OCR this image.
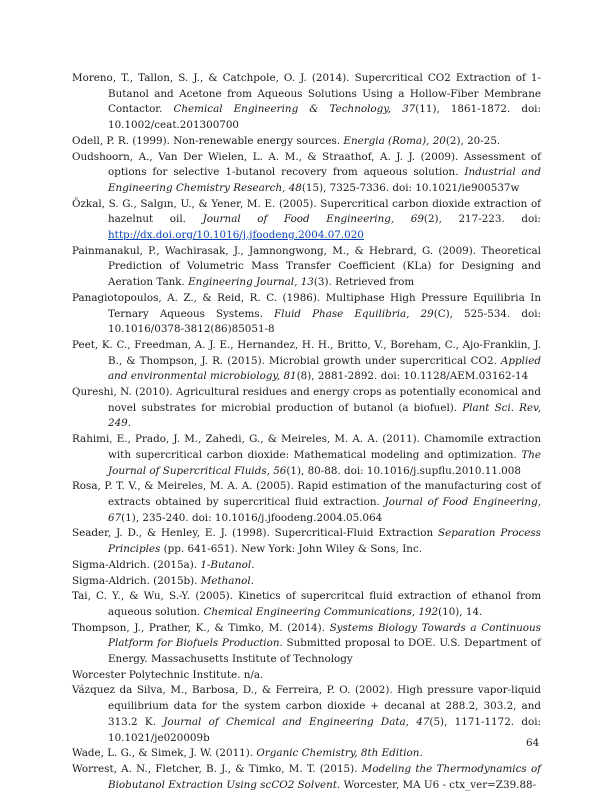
Moreno, T., Tallon, S. J., & Catchpole, O. J. (2014). Supercritical CO2 Extraction of 1‐Butanol and Acetone from Aqueous Solutions Using a Hollow‐Fiber Membrane Contactor. Chemical Engineering & Technology, 37(11), 1861-1872. doi: 10.1002/ceat.201300700

Odell, P. R. (1999). Non-renewable energy sources. Energia (Roma), 20(2), 20-25.

Oudshoorn, A., Van Der Wielen, L. A. M., & Straathof, A. J. J. (2009). Assessment of options for selective 1-butanol recovery from aqueous solution. Industrial and Engineering Chemistry Research, 48(15), 7325-7336. doi: 10.1021/ie900537w

Özkal, S. G., Salgın, U., & Yener, M. E. (2005). Supercritical carbon dioxide extraction of hazelnut oil. Journal of Food Engineering, 69(2), 217-223. doi: http://dx.doi.org/10.1016/j.jfoodeng.2004.07.020

Painmanakul, P., Wachirasak, J., Jamnongwong, M., & Hebrard, G. (2009). Theoretical Prediction of Volumetric Mass Transfer Coefficient (KLa) for Designing and Aeration Tank. Engineering Journal, 13(3). Retrieved from

Panagiotopoulos, A. Z., & Reid, R. C. (1986). Multiphase High Pressure Equilibria In Ternary Aqueous Systems. Fluid Phase Equilibria, 29(C), 525-534. doi: 10.1016/0378-3812(86)85051-8

Peet, K. C., Freedman, A. J. E., Hernandez, H. H., Britto, V., Boreham, C., Ajo-Franklin, J. B., & Thompson, J. R. (2015). Microbial growth under supercritical CO2. Applied and environmental microbiology, 81(8), 2881-2892. doi: 10.1128/AEM.03162-14

Qureshi, N. (2010). Agricultural residues and energy crops as potentially economical and novel substrates for microbial production of butanol (a biofuel). Plant Sci. Rev, 249.

Rahimi, E., Prado, J. M., Zahedi, G., & Meireles, M. A. A. (2011). Chamomile extraction with supercritical carbon dioxide: Mathematical modeling and optimization. The Journal of Supercritical Fluids, 56(1), 80-88. doi: 10.1016/j.supflu.2010.11.008

Rosa, P. T. V., & Meireles, M. A. A. (2005). Rapid estimation of the manufacturing cost of extracts obtained by supercritical fluid extraction. Journal of Food Engineering, 67(1), 235-240. doi: 10.1016/j.jfoodeng.2004.05.064

Seader, J. D., & Henley, E. J. (1998). Supercritical-Fluid Extraction Separation Process Principles (pp. 641-651). New York: John Wiley & Sons, Inc.

Sigma-Aldrich. (2015a). 1-Butanol.

Sigma-Aldrich. (2015b). Methanol.

Tai, C. Y., & Wu, S.-Y. (2005). Kinetics of supercritcal fluid extraction of ethanol from aqueous solution. Chemical Engineering Communications, 192(10), 14.

Thompson, J., Prather, K., & Timko, M. (2014). Systems Biology Towards a Continuous Platform for Biofuels Production. Submitted proposal to DOE. U.S. Department of Energy. Massachusetts Institute of Technology

Worcester Polytechnic Institute. n/a.

Vázquez da Silva, M., Barbosa, D., & Ferreira, P. O. (2002). High pressure vapor-liquid equilibrium data for the system carbon dioxide + decanal at 288.2, 303.2, and 313.2 K. Journal of Chemical and Engineering Data, 47(5), 1171-1172. doi: 10.1021/je020009b

Wade, L. G., & Simek, J. W. (2011). Organic Chemistry, 8th Edition.

Worrest, A. N., Fletcher, B. J., & Timko, M. T. (2015). Modeling the Thermodynamics of Biobutanol Extraction Using scCO2 Solvent. Worcester, MA U6 - ctx_ver=Z39.88-

64
